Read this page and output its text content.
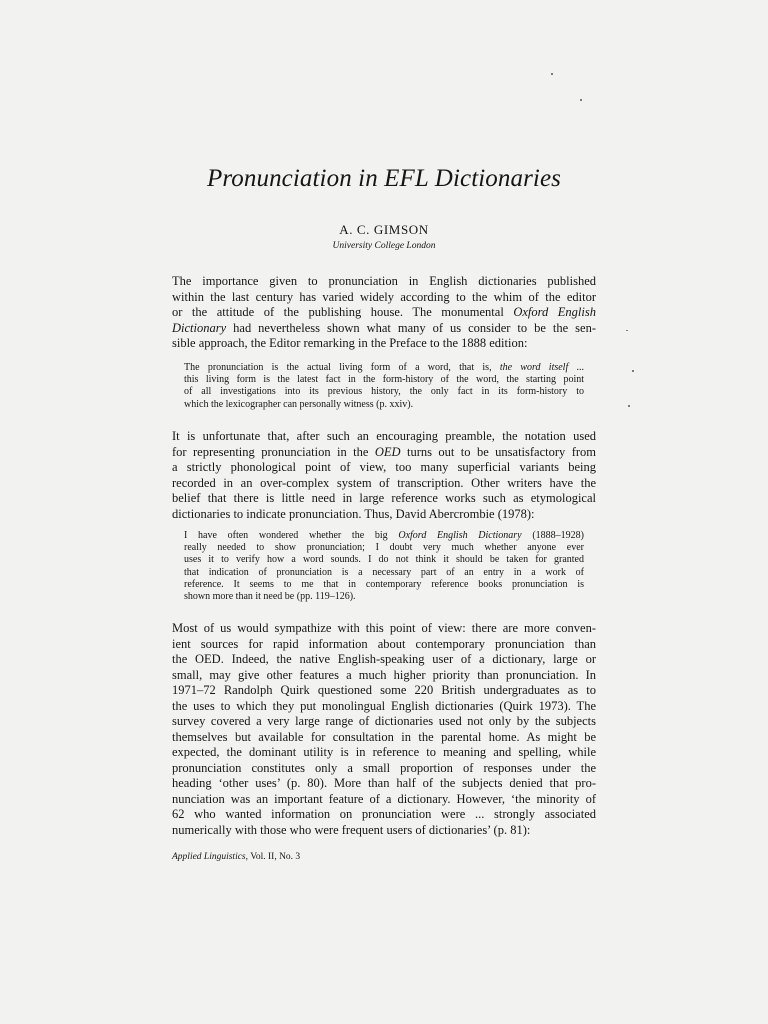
Pronunciation in EFL Dictionaries
A. C. GIMSON
University College London
The importance given to pronunciation in English dictionaries published
within the last century has varied widely according to the whim of the editor
or the attitude of the publishing house. The monumental Oxford English
Dictionary had nevertheless shown what many of us consider to be the sen-
sible approach, the Editor remarking in the Preface to the 1888 edition:
The pronunciation is the actual living form of a word, that is, the word itself ...
this living form is the latest fact in the form-history of the word, the starting point
of all investigations into its previous history, the only fact in its form-history to
which the lexicographer can personally witness (p. xxiv).
It is unfortunate that, after such an encouraging preamble, the notation used
for representing pronunciation in the OED turns out to be unsatisfactory from
a strictly phonological point of view, too many superficial variants being
recorded in an over-complex system of transcription. Other writers have the
belief that there is little need in large reference works such as etymological
dictionaries to indicate pronunciation. Thus, David Abercrombie (1978):
I have often wondered whether the big Oxford English Dictionary (1888–1928)
really needed to show pronunciation; I doubt very much whether anyone ever
uses it to verify how a word sounds. I do not think it should be taken for granted
that indication of pronunciation is a necessary part of an entry in a work of
reference. It seems to me that in contemporary reference books pronunciation is
shown more than it need be (pp. 119–126).
Most of us would sympathize with this point of view: there are more conven-
ient sources for rapid information about contemporary pronunciation than
the OED. Indeed, the native English-speaking user of a dictionary, large or
small, may give other features a much higher priority than pronunciation. In
1971–72 Randolph Quirk questioned some 220 British undergraduates as to
the uses to which they put monolingual English dictionaries (Quirk 1973). The
survey covered a very large range of dictionaries used not only by the subjects
themselves but available for consultation in the parental home. As might be
expected, the dominant utility is in reference to meaning and spelling, while
pronunciation constitutes only a small proportion of responses under the
heading ‘other uses’ (p. 80). More than half of the subjects denied that pro-
nunciation was an important feature of a dictionary. However, ‘the minority of
62 who wanted information on pronunciation were ... strongly associated
numerically with those who were frequent users of dictionaries’ (p. 81):
Applied Linguistics, Vol. II, No. 3
